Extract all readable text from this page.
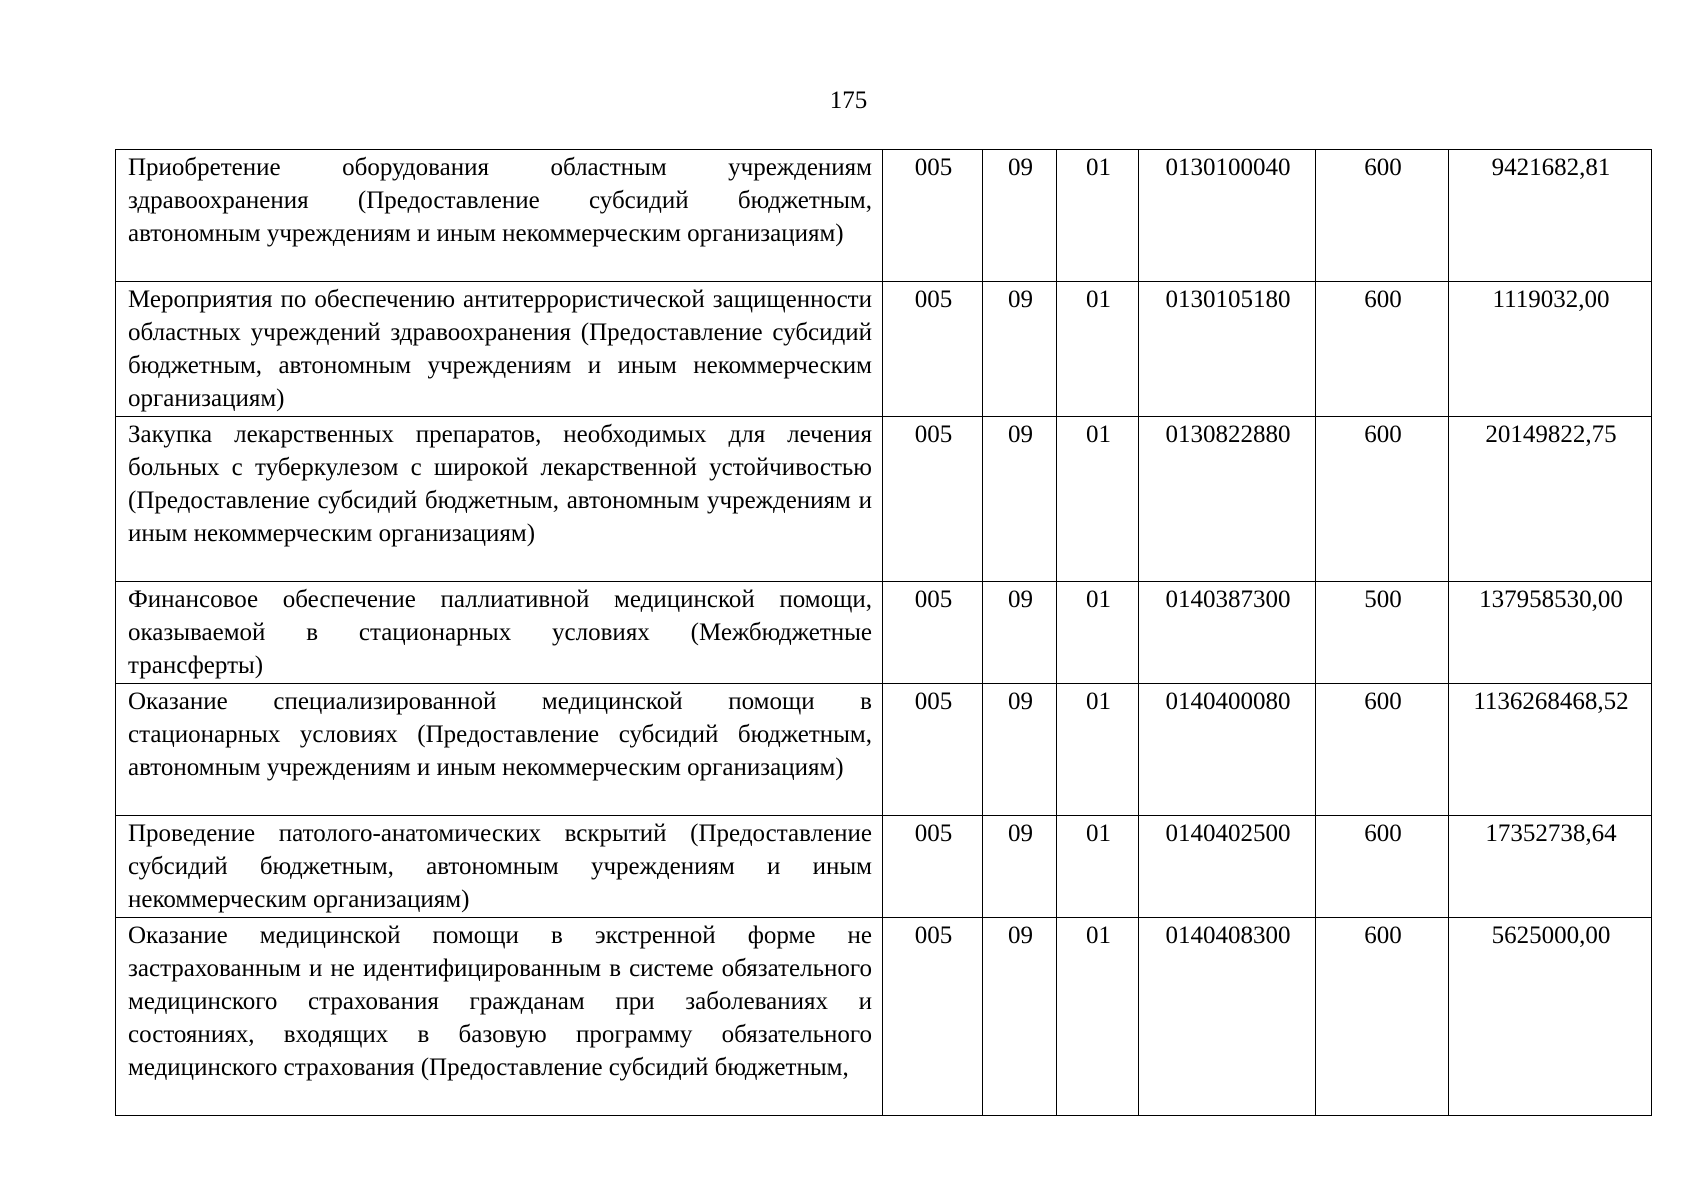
175
Приобретение оборудования областным учреждениям здравоохранения (Предоставление субсидий бюджетным, автономным учреждениям и иным некоммерческим организациям)	005	09	01	0130100040	600	9421682,81
Мероприятия по обеспечению антитеррористической защищенности областных учреждений здравоохранения (Предоставление субсидий бюджетным, автономным учреждениям и иным некоммерческим организациям)	005	09	01	0130105180	600	1119032,00
Закупка лекарственных препаратов, необходимых для лечения больных с туберкулезом с широкой лекарственной устойчивостью (Предоставление субсидий бюджетным, автономным учреждениям и иным некоммерческим организациям)	005	09	01	0130822880	600	20149822,75
Финансовое обеспечение паллиативной медицинской помощи, оказываемой в стационарных условиях (Межбюджетные трансферты)	005	09	01	0140387300	500	137958530,00
Оказание специализированной медицинской помощи в стационарных условиях (Предоставление субсидий бюджетным, автономным учреждениям и иным некоммерческим организациям)	005	09	01	0140400080	600	1136268468,52
Проведение патолого-анатомических вскрытий (Предоставление субсидий бюджетным, автономным учреждениям и иным некоммерческим организациям)	005	09	01	0140402500	600	17352738,64
Оказание медицинской помощи в экстренной форме не застрахованным и не идентифицированным в системе обязательного медицинского страхования гражданам при заболеваниях и состояниях, входящих в базовую программу обязательного медицинского страхования (Предоставление субсидий бюджетным,	005	09	01	0140408300	600	5625000,00
